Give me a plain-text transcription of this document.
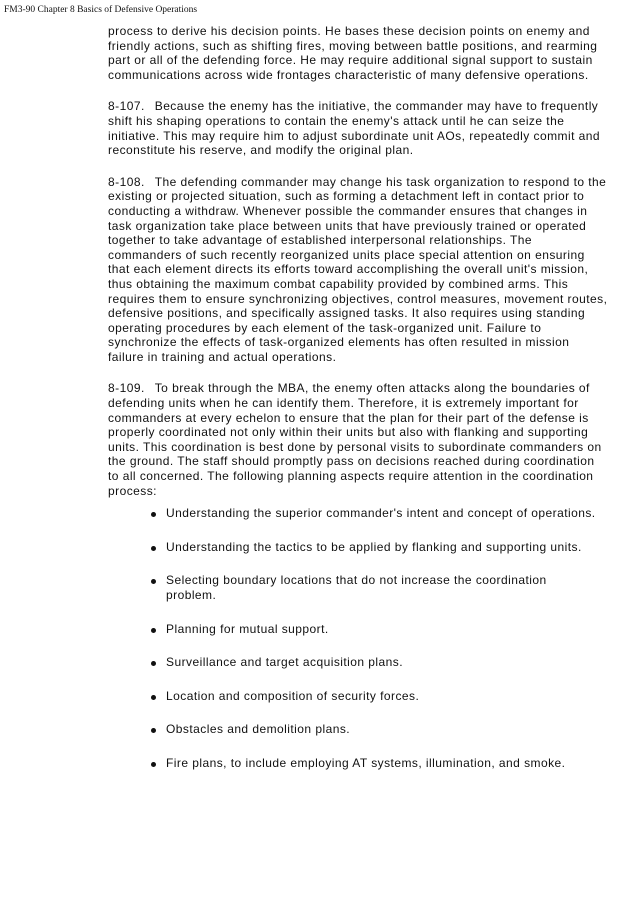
FM3-90 Chapter 8 Basics of Defensive Operations

process to derive his decision points. He bases these decision points on enemy and friendly actions, such as shifting fires, moving between battle positions, and rearming part or all of the defending force. He may require additional signal support to sustain communications across wide frontages characteristic of many defensive operations.

8-107. Because the enemy has the initiative, the commander may have to frequently shift his shaping operations to contain the enemy's attack until he can seize the initiative. This may require him to adjust subordinate unit AOs, repeatedly commit and reconstitute his reserve, and modify the original plan.

8-108. The defending commander may change his task organization to respond to the existing or projected situation, such as forming a detachment left in contact prior to conducting a withdraw. Whenever possible the commander ensures that changes in task organization take place between units that have previously trained or operated together to take advantage of established interpersonal relationships. The commanders of such recently reorganized units place special attention on ensuring that each element directs its efforts toward accomplishing the overall unit's mission, thus obtaining the maximum combat capability provided by combined arms. This requires them to ensure synchronizing objectives, control measures, movement routes, defensive positions, and specifically assigned tasks. It also requires using standing operating procedures by each element of the task-organized unit. Failure to synchronize the effects of task-organized elements has often resulted in mission failure in training and actual operations.

8-109. To break through the MBA, the enemy often attacks along the boundaries of defending units when he can identify them. Therefore, it is extremely important for commanders at every echelon to ensure that the plan for their part of the defense is properly coordinated not only within their units but also with flanking and supporting units. This coordination is best done by personal visits to subordinate commanders on the ground. The staff should promptly pass on decisions reached during coordination to all concerned. The following planning aspects require attention in the coordination process:

Understanding the superior commander's intent and concept of operations.
Understanding the tactics to be applied by flanking and supporting units.
Selecting boundary locations that do not increase the coordination problem.
Planning for mutual support.
Surveillance and target acquisition plans.
Location and composition of security forces.
Obstacles and demolition plans.
Fire plans, to include employing AT systems, illumination, and smoke.
